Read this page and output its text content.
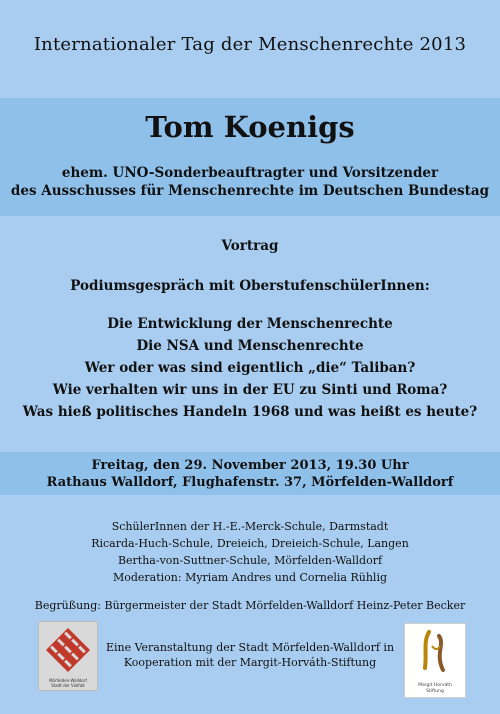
Internationaler Tag der Menschenrechte 2013
Tom Koenigs
ehem. UNO-Sonderbeauftragter und Vorsitzender
des Ausschusses für Menschenrechte im Deutschen Bundestag
Vortrag
Podiumsgespräch mit OberstufenschülerInnen:
Die Entwicklung der Menschenrechte
Die NSA und Menschenrechte
Wer oder was sind eigentlich „die“ Taliban?
Wie verhalten wir uns in der EU zu Sinti und Roma?
Was hieß politisches Handeln 1968 und was heißt es heute?
Freitag, den 29. November 2013, 19.30 Uhr
Rathaus Walldorf, Flughafenstr. 37, Mörfelden-Walldorf
SchülerInnen der H.-E.-Merck-Schule, Darmstadt
Ricarda-Huch-Schule, Dreieich, Dreieich-Schule, Langen
Bertha-von-Suttner-Schule, Mörfelden-Walldorf
Moderation: Myriam Andres und Cornelia Rühlig
Begrüßung: Bürgermeister der Stadt Mörfelden-Walldorf Heinz-Peter Becker
Mörfelden-Walldorf
Stadt der Vielfalt
Eine Veranstaltung der Stadt Mörfelden-Walldorf in
Kooperation mit der Margit-Horváth-Stiftung
Margit Horváth
Stiftung
